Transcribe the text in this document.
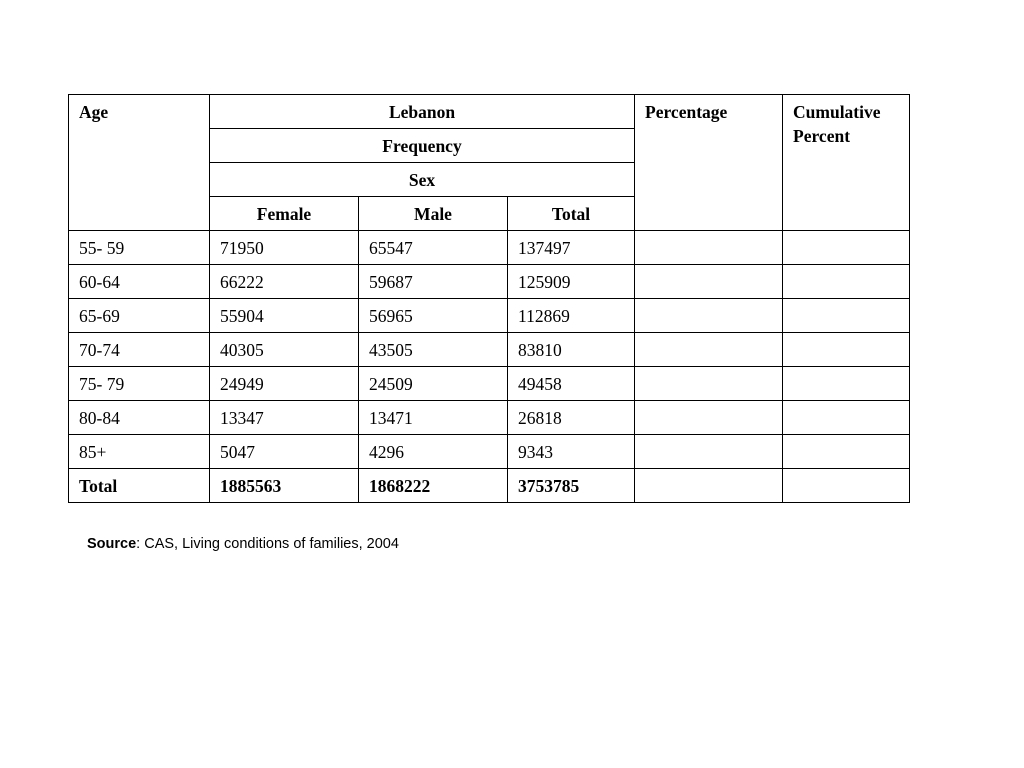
Age	Lebanon			Percentage	Cumulative Percent
	Frequency				
	Sex				
	Female	Male	Total		
55- 59	71950	65547	137497		
60-64	66222	59687	125909		
65-69	55904	56965	112869		
70-74	40305	43505	83810		
75- 79	24949	24509	49458		
80-84	13347	13471	26818		
85+	5047	4296	9343		
Total	1885563	1868222	3753785		
Source: CAS, Living conditions of families, 2004
